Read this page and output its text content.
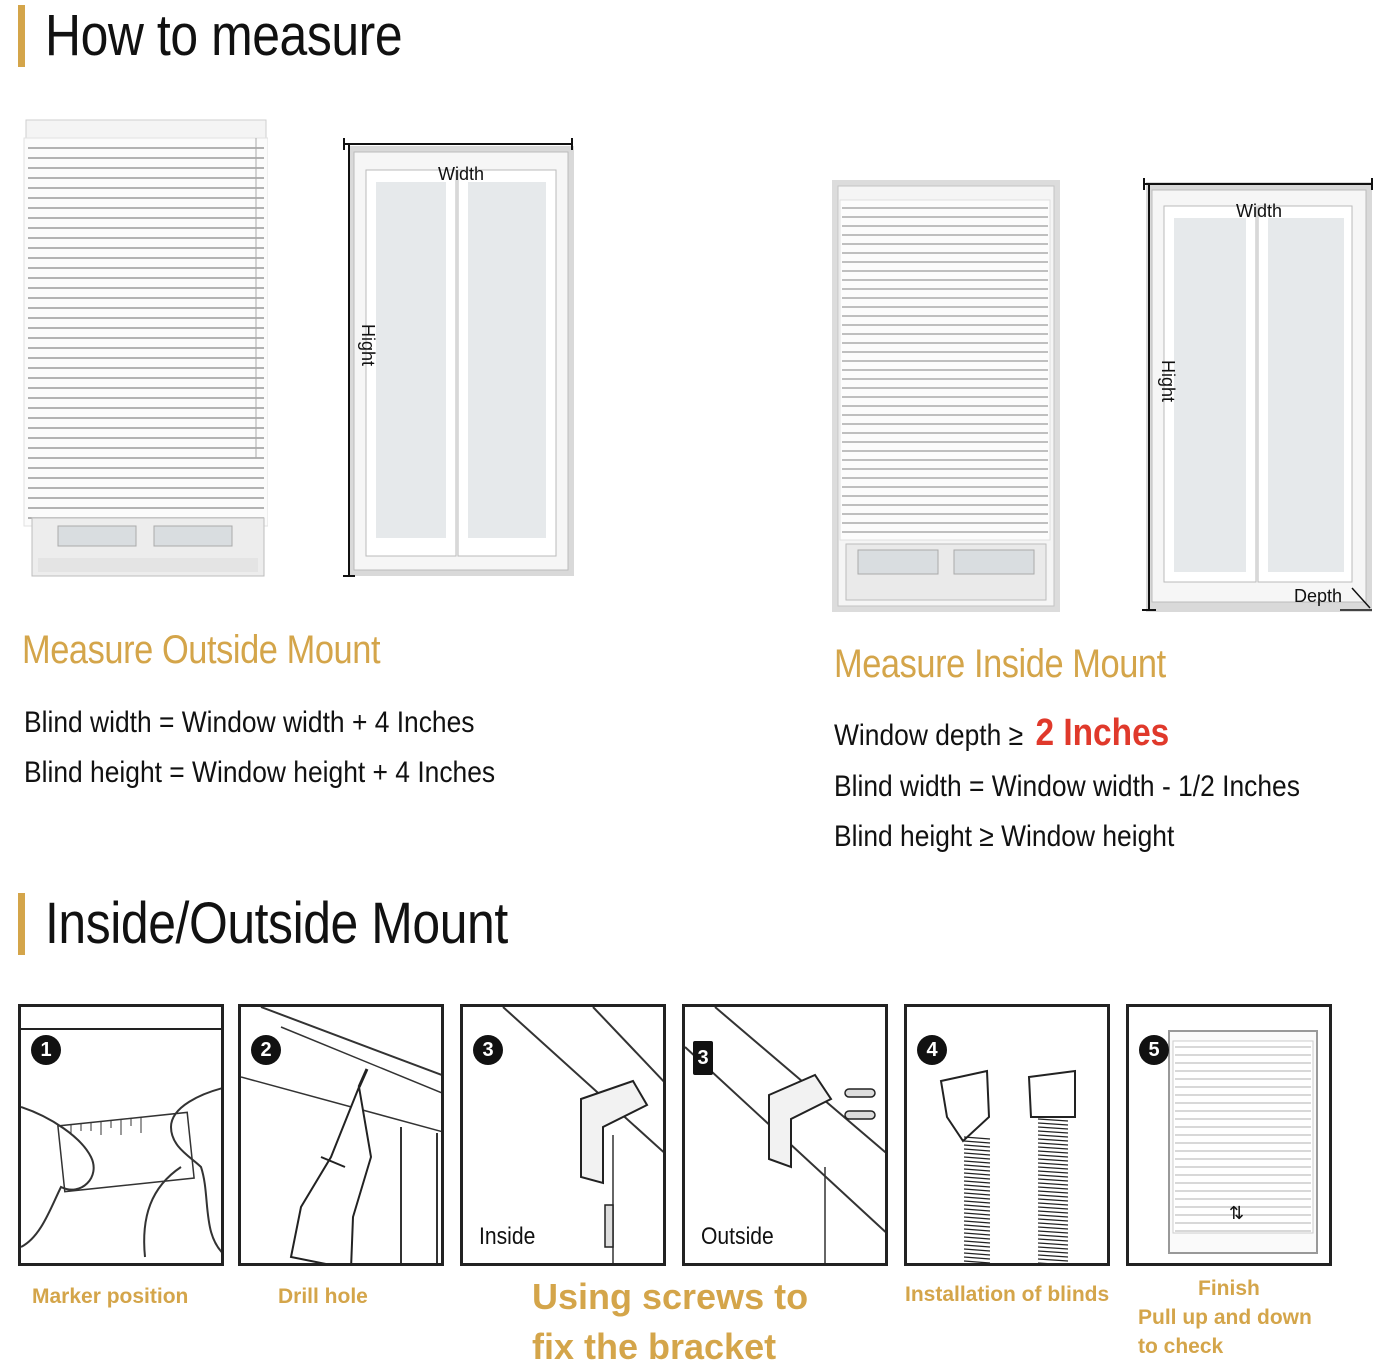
How to measure
Width
Hight
Width
Hight
Depth
Measure Outside Mount
Blind width = Window width + 4 Inches
Blind height = Window height + 4 Inches
Measure Inside Mount
Window depth ≥ 2 Inches
Blind width = Window width - 1/2 Inches
Blind height ≥ Window height
Inside/Outside Mount
1	2	3
Inside
3
Outside
4	5
⇅
Marker position	Drill hole	Using screws to fix the bracket
Installation of blinds	Finish
Pull up and down
to check
